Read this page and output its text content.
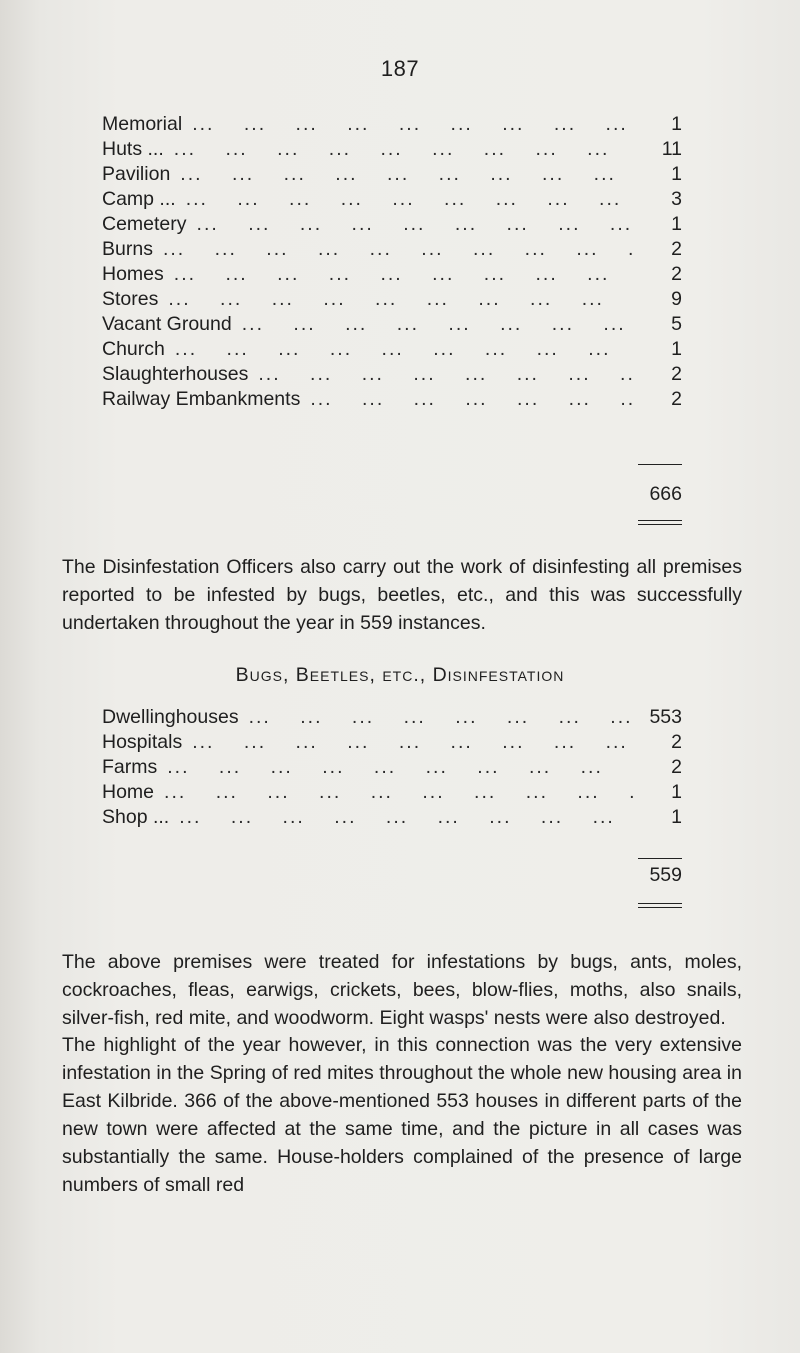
187
Memorial ... .	1
Huts ... ... .	11
Pavilion ... .	1
Camp ... ... .	3
Cemetery ... .	1
Burns ... .	2
Homes ... .	2
Stores ... .	9
Vacant Ground ... .	5
Church ... .	1
Slaughterhouses ... .	2
Railway Embankments ... .	2
666
The Disinfestation Officers also carry out the work of disinfesting all premises reported to be infested by bugs, beetles, etc., and this was successfully undertaken throughout the year in 559 instances.
Bugs, Beetles, etc., Disinfestation
Dwellinghouses ... .	553
Hospitals ... .	2
Farms ... .	2
Home ... .	1
Shop ... ... .	1
559
The above premises were treated for infestations by bugs, ants, moles, cockroaches, fleas, earwigs, crickets, bees, blow-flies, moths, also snails, silver-fish, red mite, and woodworm. Eight wasps' nests were also destroyed.
The highlight of the year however, in this connection was the very extensive infestation in the Spring of red mites throughout the whole new housing area in East Kilbride. 366 of the above-mentioned 553 houses in different parts of the new town were affected at the same time, and the picture in all cases was substantially the same. House-holders complained of the presence of large numbers of small red
